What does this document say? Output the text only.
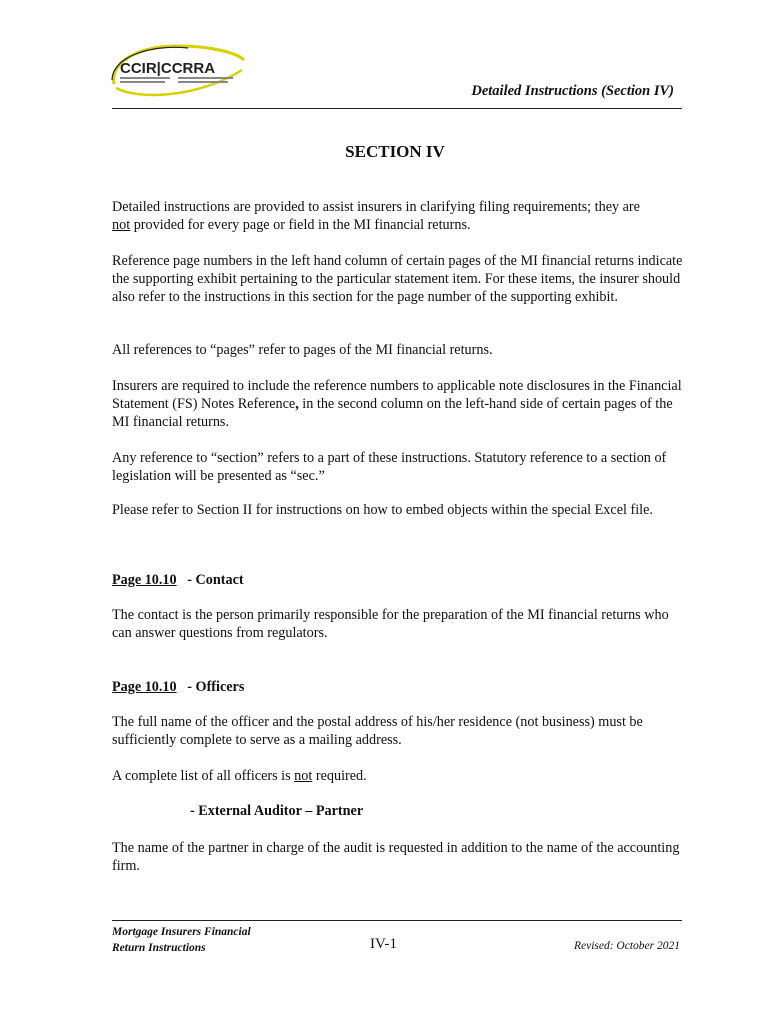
CCIR|CCRRA
Detailed Instructions (Section IV)
SECTION IV

Detailed instructions are provided to assist insurers in clarifying filing requirements; they are
not provided for every page or field in the MI financial returns.

Reference page numbers in the left hand column of certain pages of the MI financial returns indicate the supporting exhibit pertaining to the particular statement item. For these items, the insurer should also refer to the instructions in this section for the page number of the supporting exhibit.

All references to “pages” refer to pages of the MI financial returns.

Insurers are required to include the reference numbers to applicable note disclosures in the Financial Statement (FS) Notes Reference, in the second column on the left-hand side of certain pages of the MI financial returns.

Any reference to “section” refers to a part of these instructions. Statutory reference to a section of legislation will be presented as “sec.”

Please refer to Section II for instructions on how to embed objects within the special Excel file.

Page 10.10 - Contact

The contact is the person primarily responsible for the preparation of the MI financial returns who can answer questions from regulators.

Page 10.10 - Officers

The full name of the officer and the postal address of his/her residence (not business) must be sufficiently complete to serve as a mailing address.

A complete list of all officers is not required.

- External Auditor – Partner

The name of the partner in charge of the audit is requested in addition to the name of the accounting firm.

Mortgage Insurers Financial
Return Instructions	IV-1	Revised: October 2021
